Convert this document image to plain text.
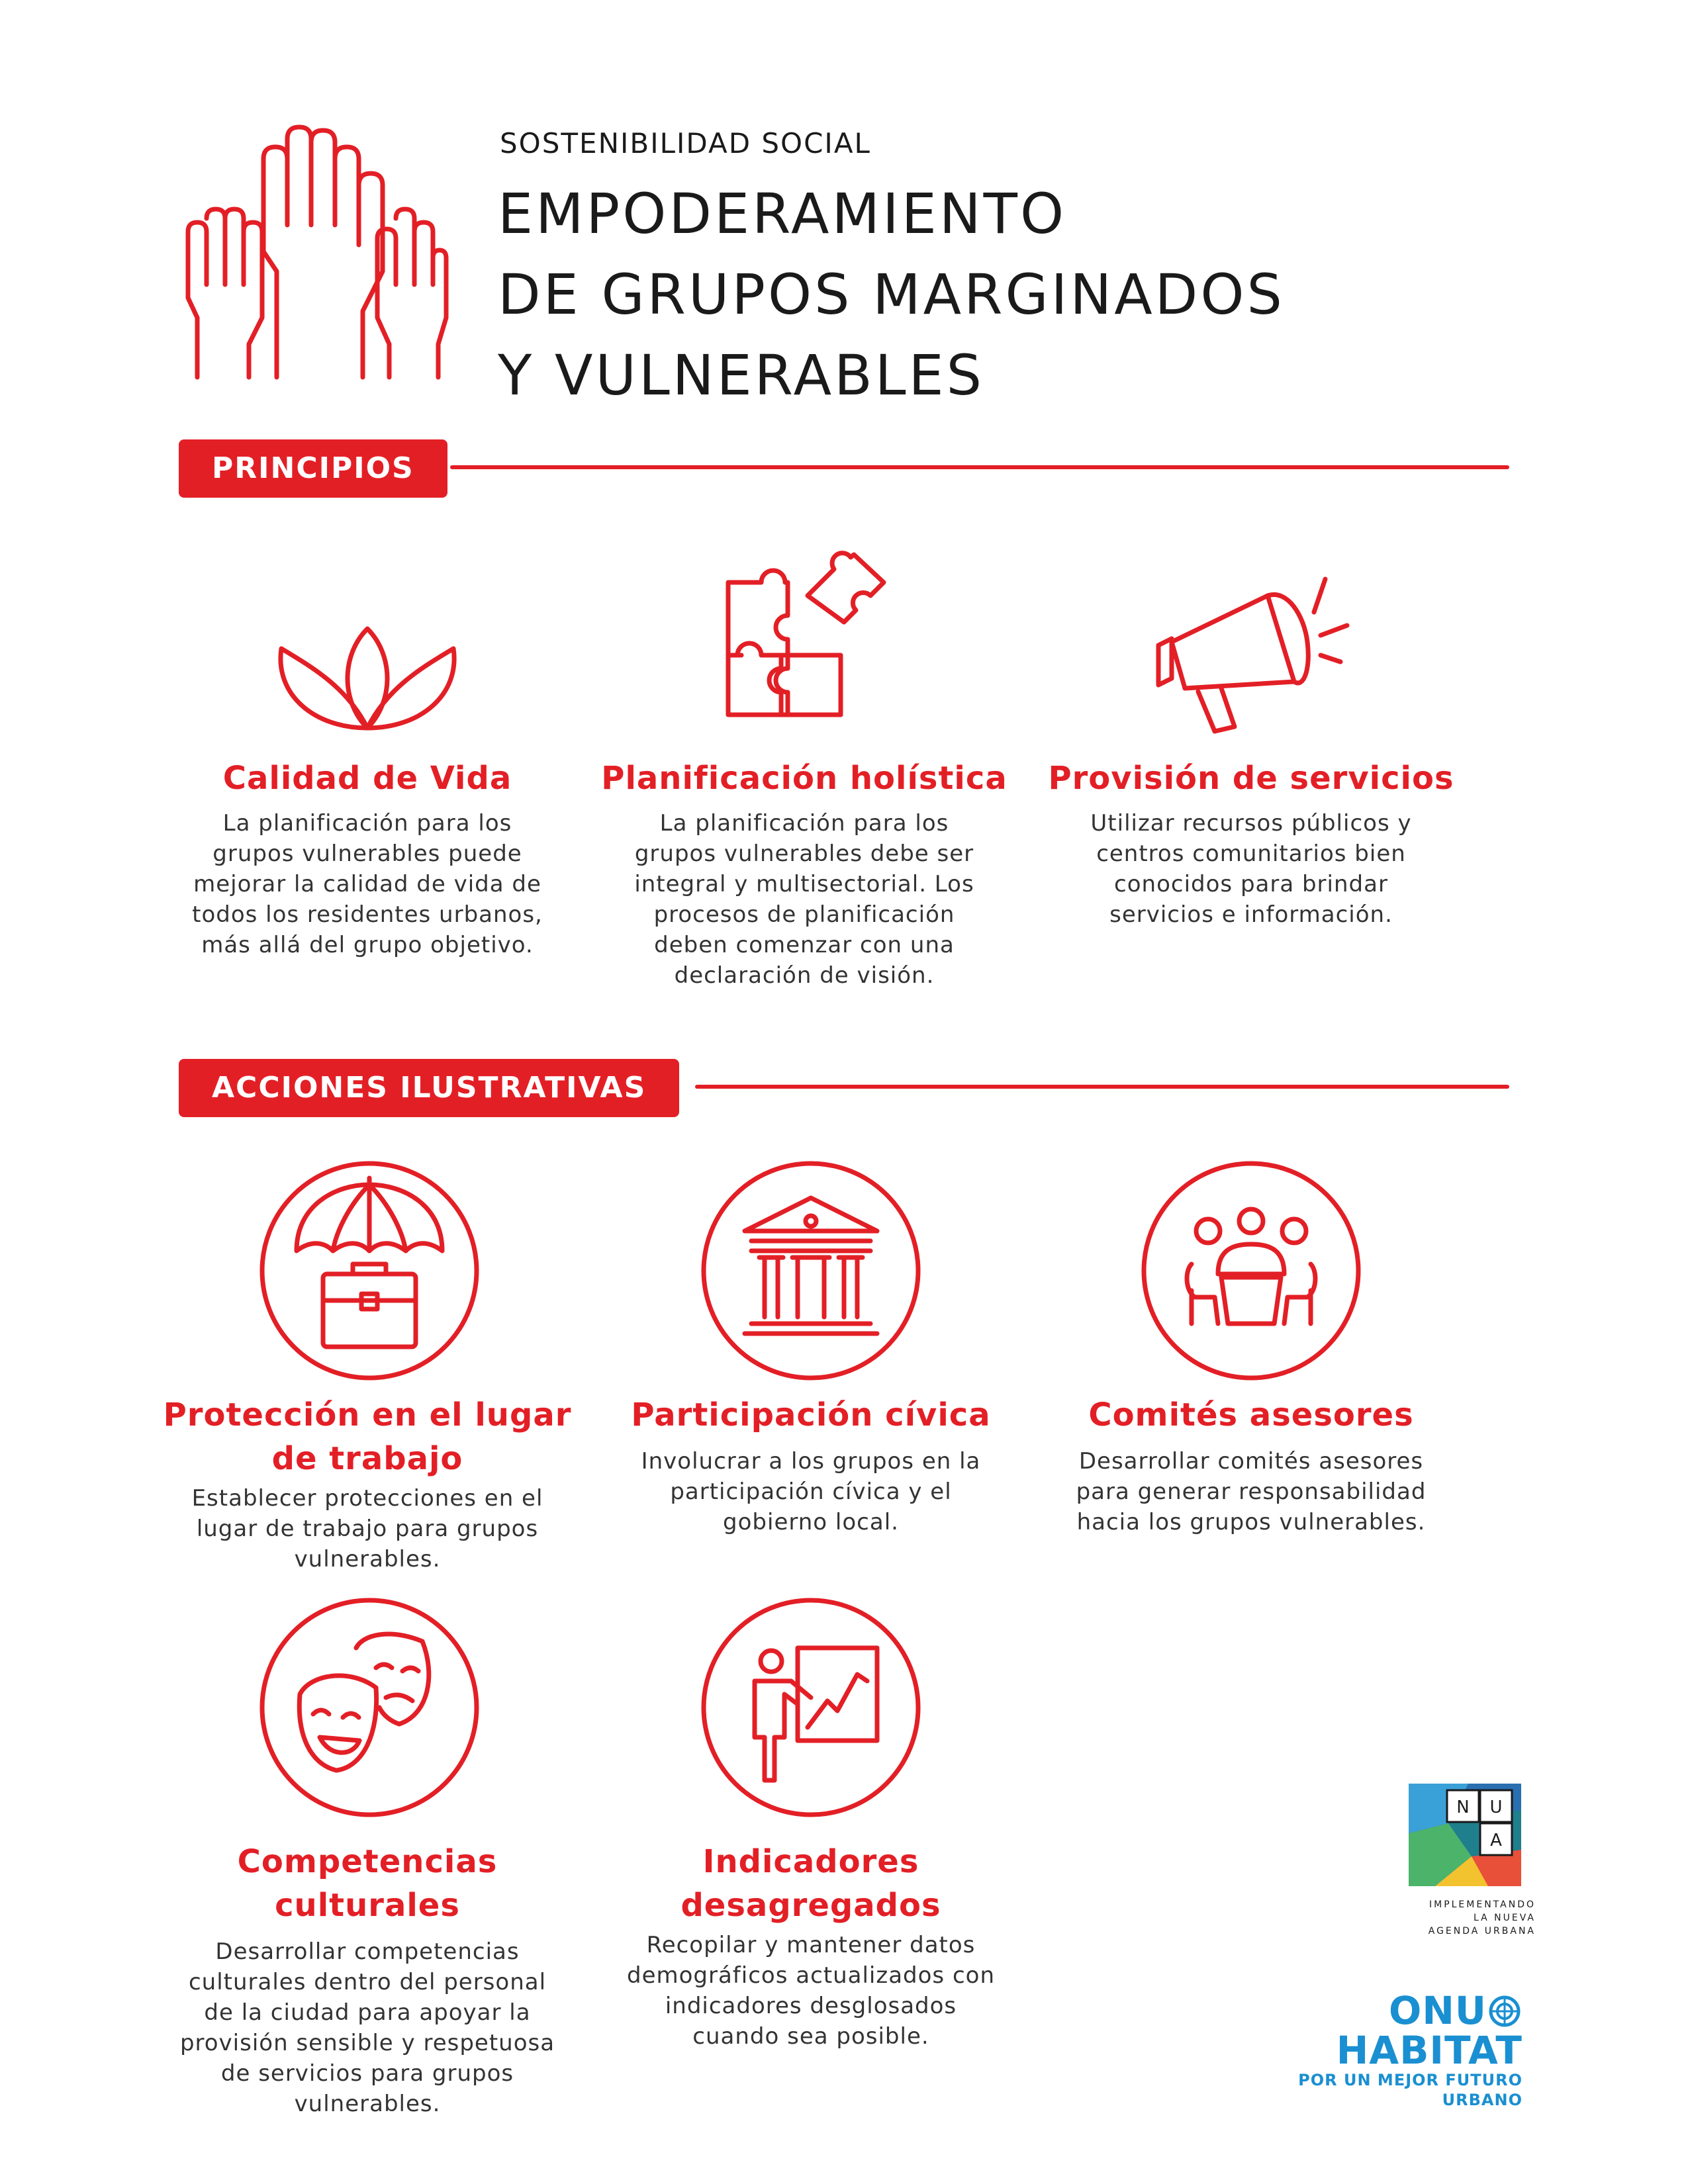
SOSTENIBILIDAD SOCIAL
EMPODERAMIENTO
DE GRUPOS MARGINADOS
Y VULNERABLES
PRINCIPIOS
Calidad de Vida

La planificación para los
grupos vulnerables puede
mejorar la calidad de vida de
todos los residentes urbanos,
más allá del grupo objetivo.

Planificación holística

La planificación para los
grupos vulnerables debe ser
integral y multisectorial. Los
procesos de planificación
deben comenzar con una
declaración de visión.

Provisión de servicios

Utilizar recursos públicos y
centros comunitarios bien
conocidos para brindar
servicios e información.

ACCIONES ILUSTRATIVAS
Protección en el lugar
de trabajo

Establecer protecciones en el
lugar de trabajo para grupos
vulnerables.

Participación cívica

Involucrar a los grupos en la
participación cívica y el
gobierno local.

Comités asesores

Desarrollar comités asesores
para generar responsabilidad
hacia los grupos vulnerables.

Competencias culturales

Desarrollar competencias
culturales dentro del personal
de la ciudad para apoyar la
provisión sensible y respetuosa
de servicios para grupos
vulnerables.

Indicadores
desagregados

Recopilar y mantener datos
demográficos actualizados con
indicadores desglosados
cuando sea posible.

N U
A
IMPLEMENTANDO
LA NUEVA
AGENDA URBANA
ONUHABITAT
POR UN MEJOR FUTURO URBANO
